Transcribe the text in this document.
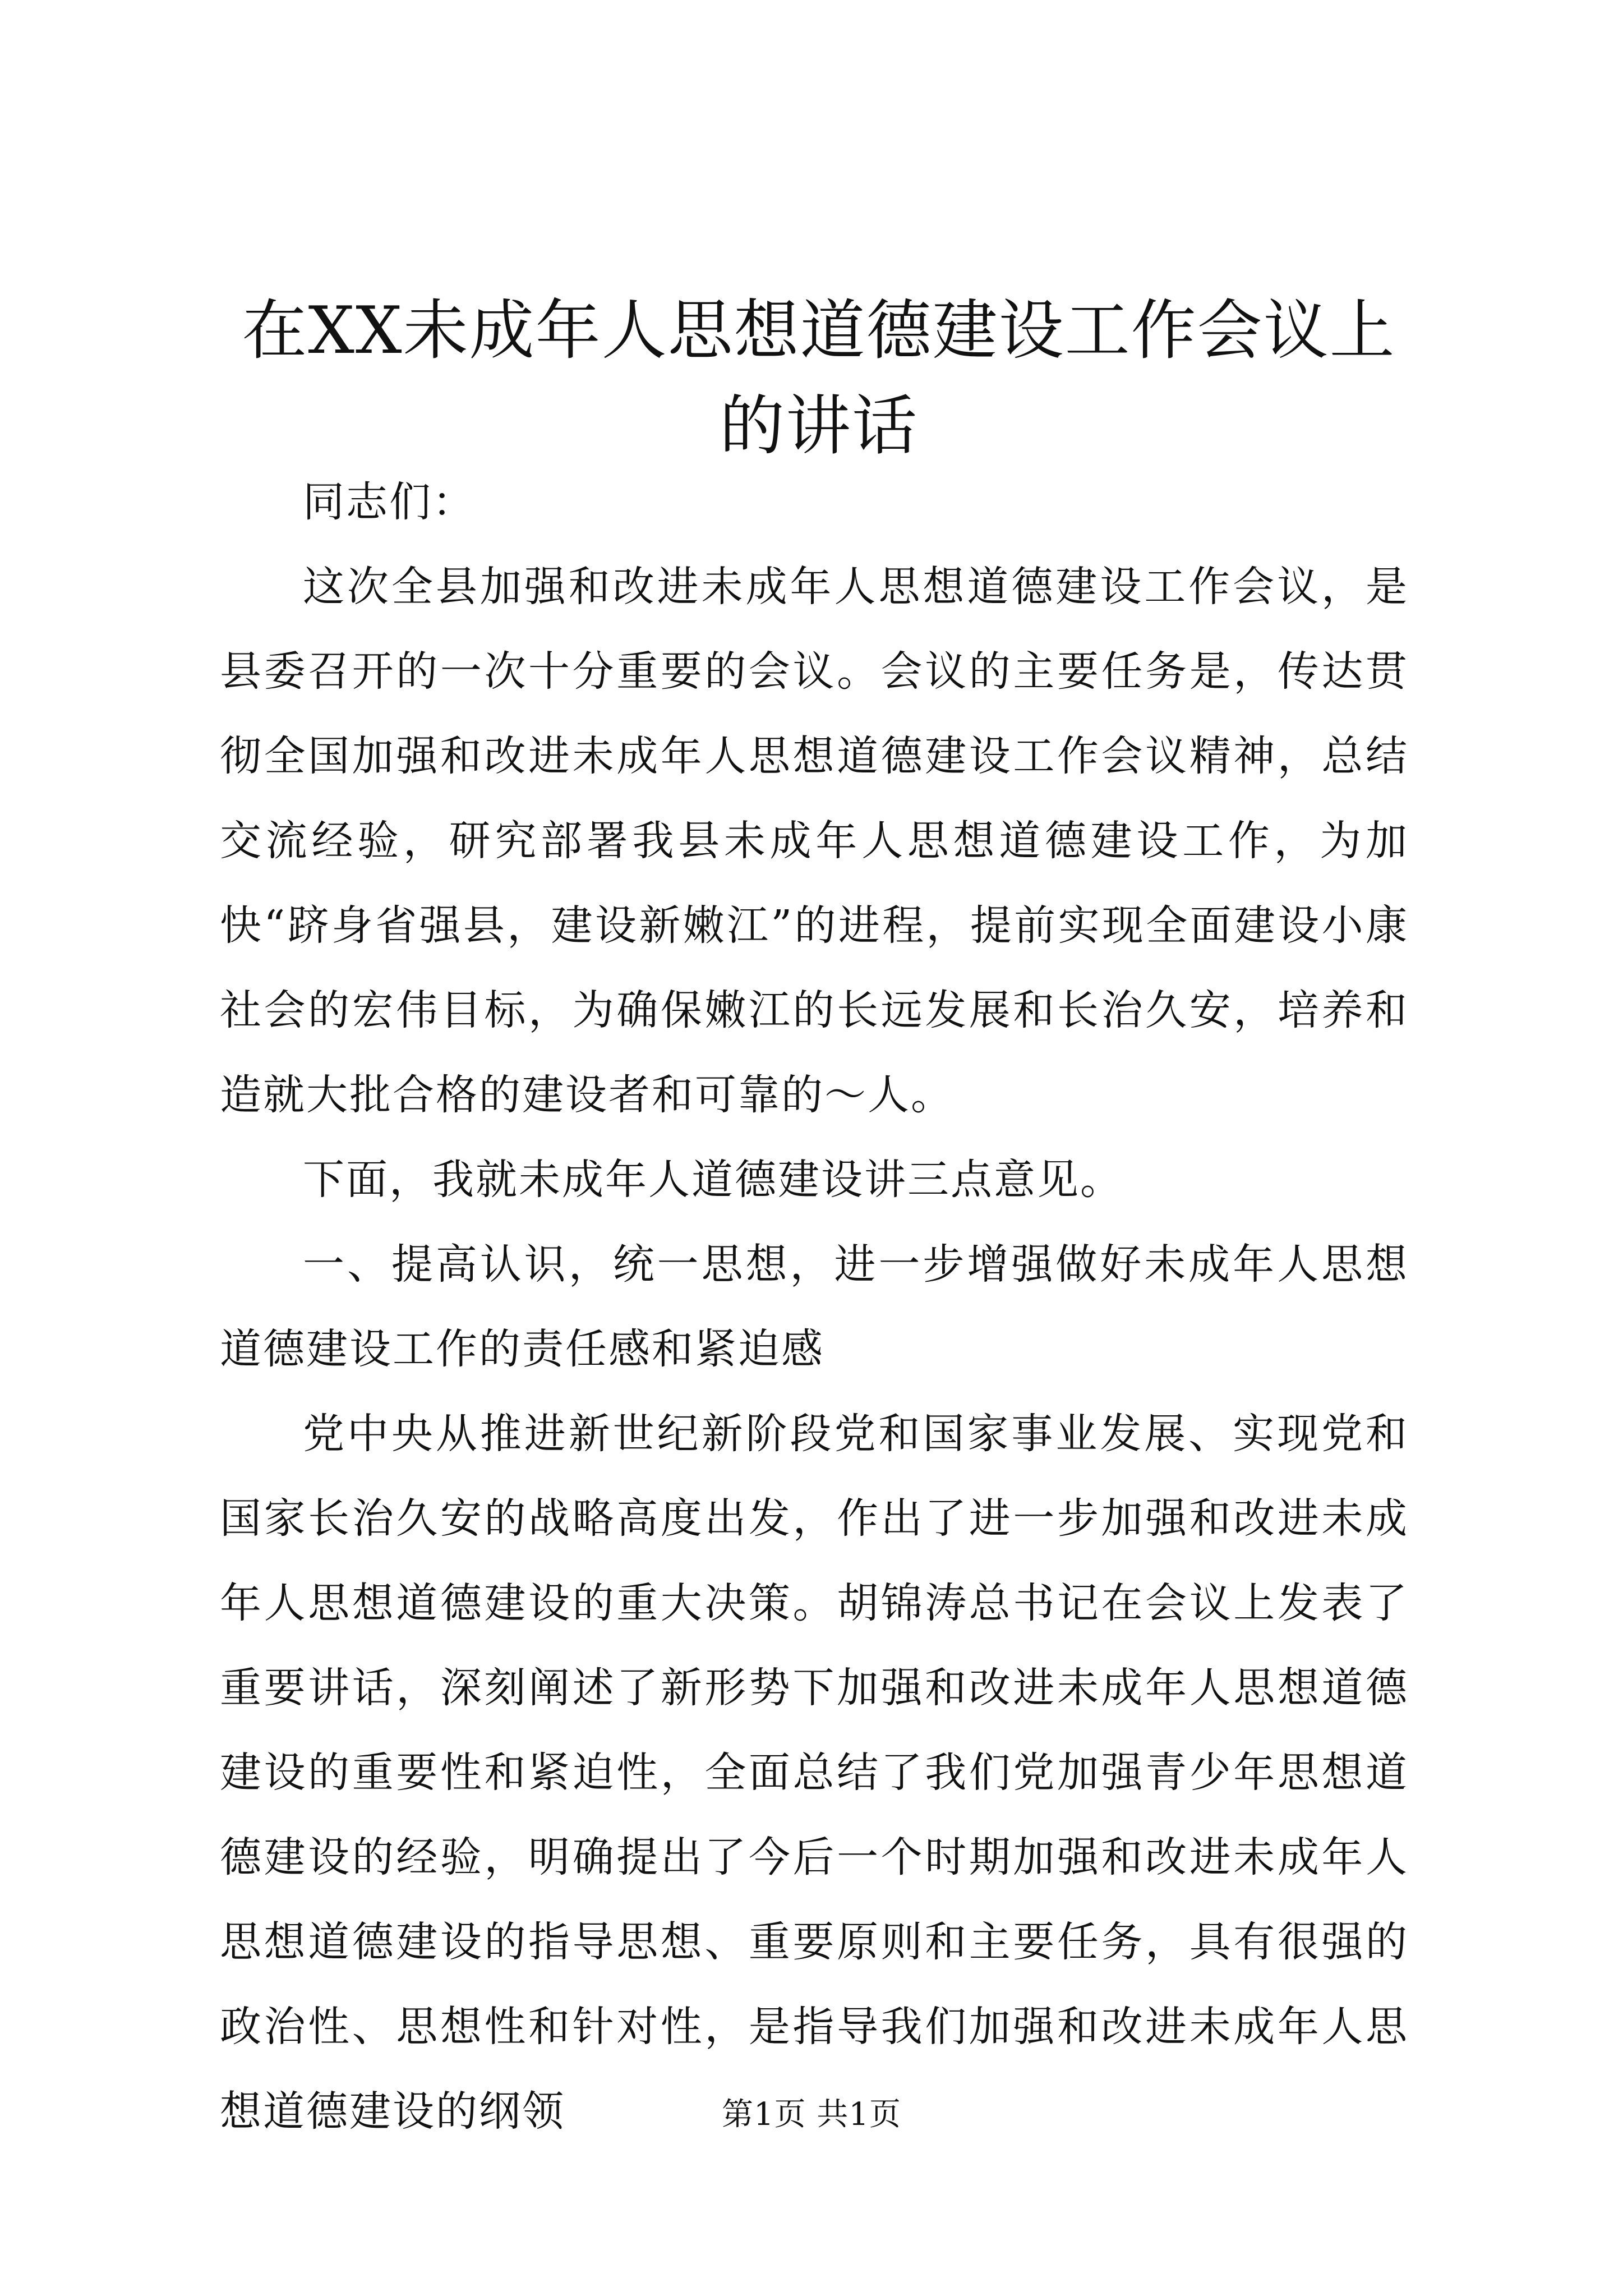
在XX未成年人思想道德建设工作会议上的讲话

同志们：

这次全县加强和改进未成年人思想道德建设工作会议，是县委召开的一次十分重要的会议。会议的主要任务是，传达贯彻全国加强和改进未成年人思想道德建设工作会议精神，总结交流经验，研究部署我县未成年人思想道德建设工作，为加快“跻身省强县，建设新嫩江”的进程，提前实现全面建设小康社会的宏伟目标，为确保嫩江的长远发展和长治久安，培养和造就大批合格的建设者和可靠的～人。

下面，我就未成年人道德建设讲三点意见。

一、提高认识，统一思想，进一步增强做好未成年人思想道德建设工作的责任感和紧迫感

党中央从推进新世纪新阶段党和国家事业发展、实现党和国家长治久安的战略高度出发，作出了进一步加强和改进未成年人思想道德建设的重大决策。胡锦涛总书记在会议上发表了重要讲话，深刻阐述了新形势下加强和改进未成年人思想道德建设的重要性和紧迫性，全面总结了我们党加强青少年思想道德建设的经验，明确提出了今后一个时期加强和改进未成年人思想道德建设的指导思想、重要原则和主要任务，具有很强的政治性、思想性和针对性，是指导我们加强和改进未成年人思想道德建设的纲领	第1页 共1页
